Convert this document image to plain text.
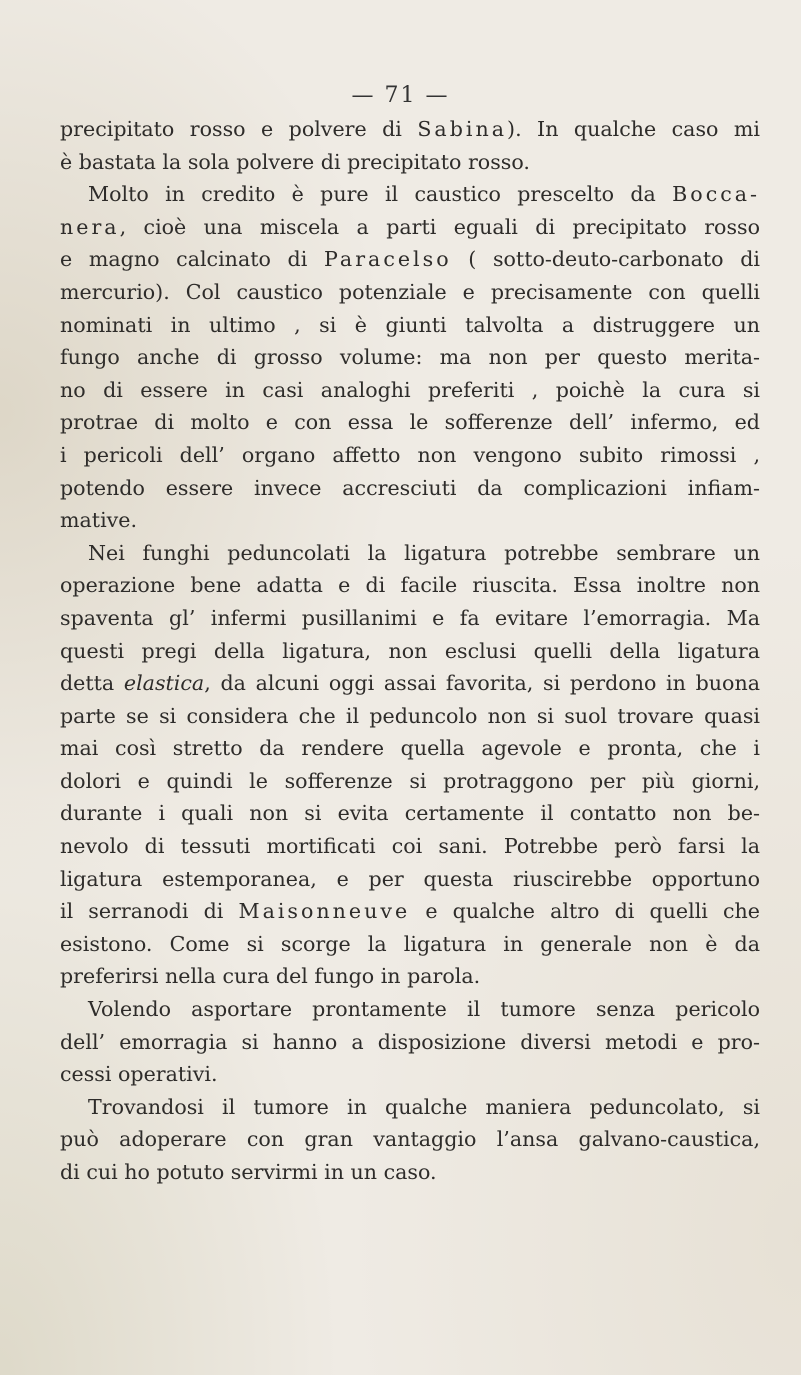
— 71 —
precipitato rosso e polvere di Sabina). In qualche caso mi
è bastata la sola polvere di precipitato rosso.
Molto in credito è pure il caustico prescelto da Bocca-
nera, cioè una miscela a parti eguali di precipitato rosso
e magno calcinato di Paracelso ( sotto-deuto-carbonato di
mercurio). Col caustico potenziale e precisamente con quelli
nominati in ultimo , si è giunti talvolta a distruggere un
fungo anche di grosso volume: ma non per questo merita-
no di essere in casi analoghi preferiti , poichè la cura si
protrae di molto e con essa le sofferenze dell’ infermo, ed
i pericoli dell’ organo affetto non vengono subito rimossi ,
potendo essere invece accresciuti da complicazioni infiam-
mative.
Nei funghi peduncolati la ligatura potrebbe sembrare un
operazione bene adatta e di facile riuscita. Essa inoltre non
spaventa gl’ infermi pusillanimi e fa evitare l’emorragia. Ma
questi pregi della ligatura, non esclusi quelli della ligatura
detta elastica, da alcuni oggi assai favorita, si perdono in buona
parte se si considera che il peduncolo non si suol trovare quasi
mai così stretto da rendere quella agevole e pronta, che i
dolori e quindi le sofferenze si protraggono per più giorni,
durante i quali non si evita certamente il contatto non be-
nevolo di tessuti mortificati coi sani. Potrebbe però farsi la
ligatura estemporanea, e per questa riuscirebbe opportuno
il serranodi di Maisonneuve e qualche altro di quelli che
esistono. Come si scorge la ligatura in generale non è da
preferirsi nella cura del fungo in parola.
Volendo asportare prontamente il tumore senza pericolo
dell’ emorragia si hanno a disposizione diversi metodi e pro-
cessi operativi.
Trovandosi il tumore in qualche maniera peduncolato, si
può adoperare con gran vantaggio l’ansa galvano-caustica,
di cui ho potuto servirmi in un caso.
